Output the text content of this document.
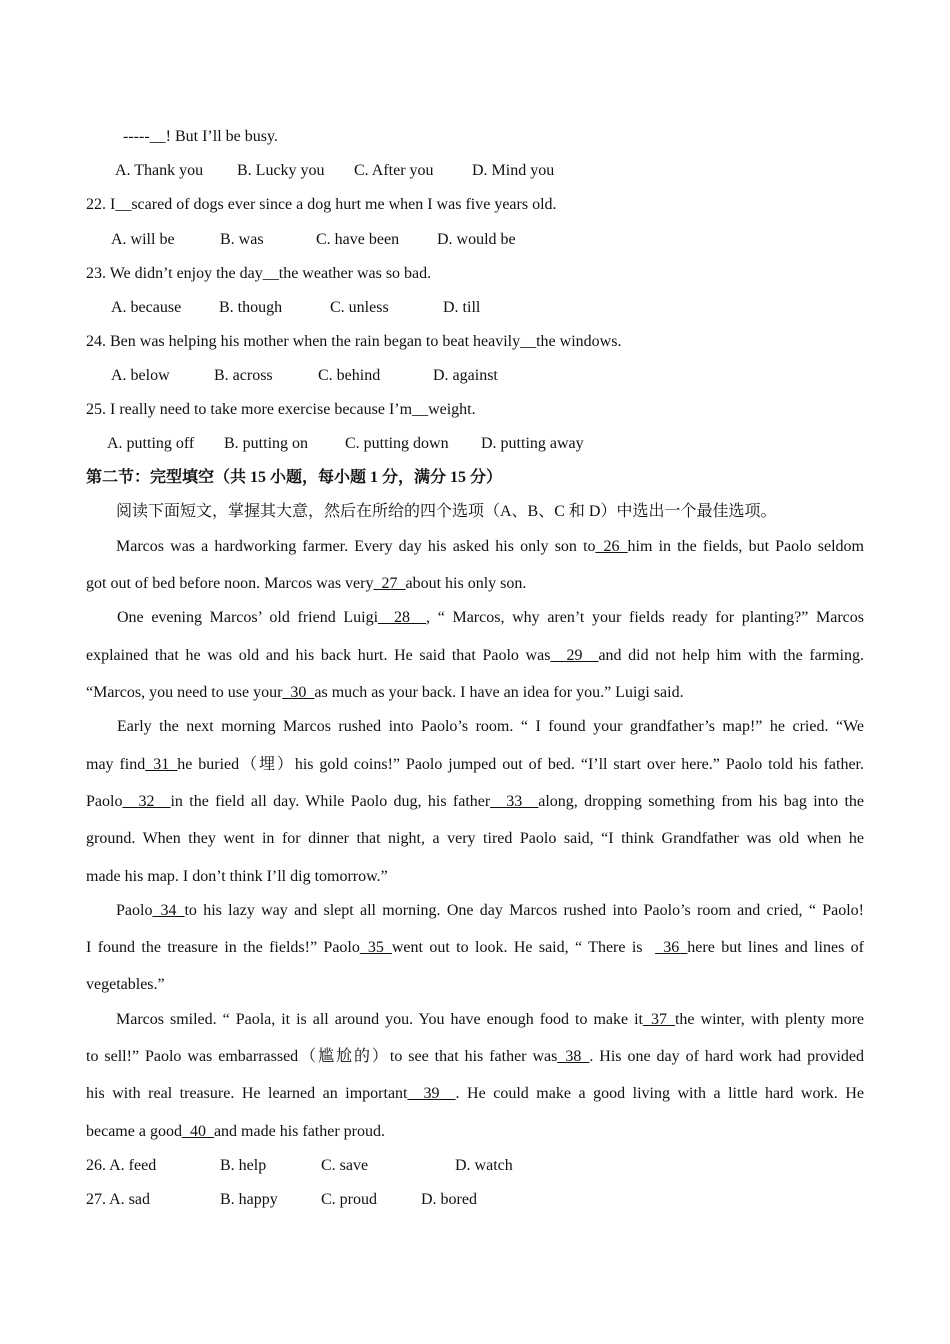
-----__! But I’ll be busy.
A. Thank you B. Lucky you C. After you D. Mind you
22. I__scared of dogs ever since a dog hurt me when I was five years old.
A. will be	B. was	C. have been D. would be
23. We didn’t enjoy the day__the weather was so bad.
A. because B. though	C. unless	D. till
24. Ben was helping his mother when the rain began to beat heavily__the windows.
A. below	B. across	C. behind	D. against
25. I really need to take more exercise because I’m__weight.
A. putting off B. putting on C. putting down D. putting away
第二节：完型填空（共 15 小题，每小题 1 分，满分 15 分）
阅读下面短文，掌握其大意，然后在所给的四个选项（A、B、C 和 D）中选出一个最佳选项。
Marcos was a hardworking farmer. Every day his asked his only son to_26_him in the fields, but Paolo seldom
got out of bed before noon. Marcos was very_27_about his only son.
One evening Marcos’ old friend Luigi__28__, “ Marcos, why aren’t your fields ready for planting?” Marcos
explained that he was old and his back hurt. He said that Paolo was__29__and did not help him with the farming.
“Marcos, you need to use your_30_as much as your back. I have an idea for you.” Luigi said.
Early the next morning Marcos rushed into Paolo’s room. “ I found your grandfather’s map!” he cried. “We
may find_31_he buried（埋）his gold coins!” Paolo jumped out of bed. “I’ll start over here.” Paolo told his father.
Paolo__32__in the field all day. While Paolo dug, his father__33__along, dropping something from his bag into the
ground. When they went in for dinner that night, a very tired Paolo said, “I think Grandfather was old when he
made his map. I don’t think I’ll dig tomorrow.”
Paolo_34_to his lazy way and slept all morning. One day Marcos rushed into Paolo’s room and cried, “ Paolo!
I found the treasure in the fields!” Paolo_35_went out to look. He said, “ There is _36_here but lines and lines of
vegetables.”
Marcos smiled. “ Paola, it is all around you. You have enough food to make it_37_the winter, with plenty more
to sell!” Paolo was embarrassed（尴尬的）to see that his father was_38_. His one day of hard work had provided
his with real treasure. He learned an important__39__. He could make a good living with a little hard work. He
became a good_40_and made his father proud.
26. A. feed	B. help	C. save	D. watch
27. A. sad	B. happy	C. proud	D. bored
